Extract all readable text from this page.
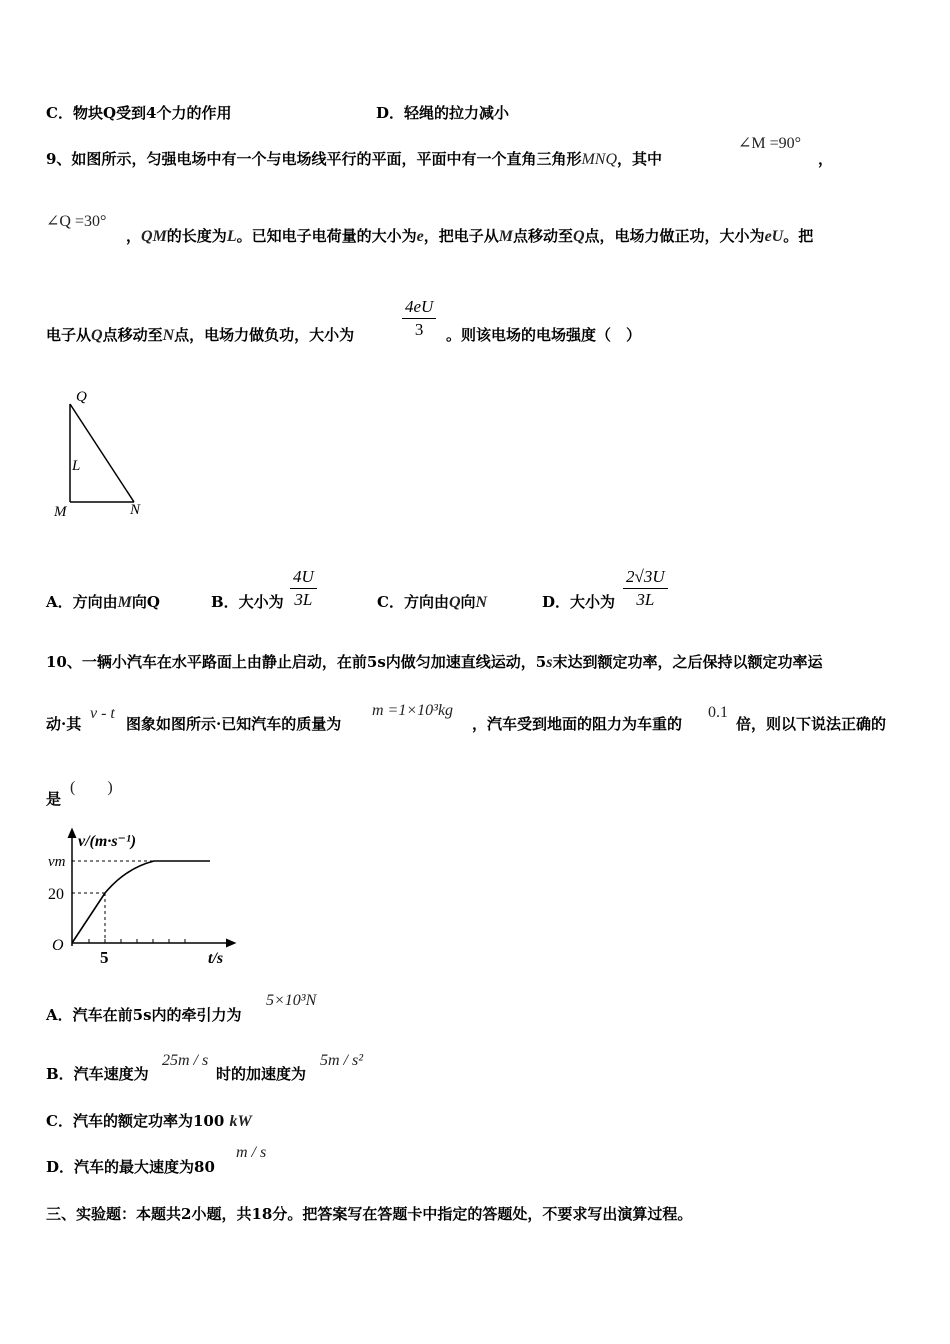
C．物块Q受到4个力的作用	D．轻绳的拉力减小
9、如图所示，匀强电场中有一个与电场线平行的平面，平面中有一个直角三角形MNQ，其中
∠M =90°
，
∠Q =30°
，QM的长度为L。已知电子电荷量的大小为e，把电子从M点移动至Q点，电场力做正功，大小为eU。把
电子从Q点移动至N点，电场力做负功，大小为	$\frac{4eU}{3}$ 。则该电场的电场强度（　）
Q
L
M	N
A．方向由M向Q	B．大小为 $\frac{4U}{3L}$	C．方向由Q向N	D．大小为 $\frac{2√3U}{3L}$
10、一辆小汽车在水平路面上由静止启动，在前5s内做匀加速直线运动，5s末达到额定功率，之后保持以额定功率运
动·其
v - t
图象如图所示·已知汽车的质量为
m =1×10³kg
，汽车受到地面的阻力为车重的
0.1
倍，则以下说法正确的
是
(　　)
v/(m·s⁻¹)
vm
20
O
5	t/s
A．汽车在前5s内的牵引力为
5×10³N
B．汽车速度为
25m / s
时的加速度为
5m / s²
C．汽车的额定功率为100 kW
D．汽车的最大速度为80
m / s
三、实验题：本题共2小题，共18分。把答案写在答题卡中指定的答题处，不要求写出演算过程。
